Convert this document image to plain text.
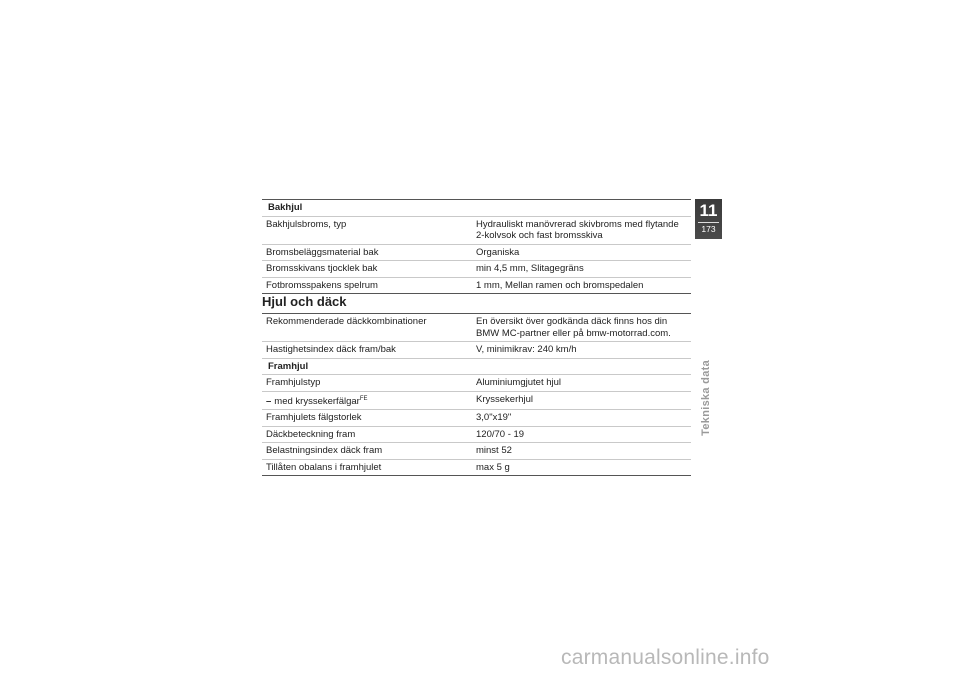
Bakhjul
Bakhjulsbroms, typ	Hydrauliskt manövrerad skivbroms med flytande
2-kolvsok och fast bromsskiva
Bromsbeläggsmaterial bak	Organiska
Bromsskivans tjocklek bak	min 4,5 mm, Slitagegräns
Fotbromsspakens spelrum	1 mm, Mellan ramen och bromspedalen
Hjul och däck
Rekommenderade däckkombinationer	En översikt över godkända däck finns hos din
BMW MC-partner eller på bmw-motorrad.com.
Hastighetsindex däck fram/bak	V, minimikrav: 240 km/h
Framhjul
Framhjulstyp	Aluminiumgjutet hjul
– med kryssekerfälgar$^{FE}$	Kryssekerhjul
Framhjulets fälgstorlek	3,0"x19"
Däckbeteckning fram	120/70 - 19
Belastningsindex däck fram	minst 52
Tillåten obalans i framhjulet	max 5 g
11
173
Tekniska data
carmanualsonline.info
